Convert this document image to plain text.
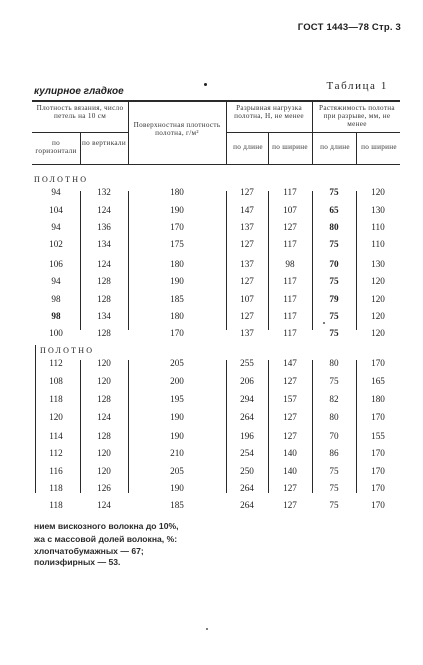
ГОСТ 1443—78 Стр. 3
кулирное гладкое	Таблица 1
Плотность вязания, число петель на 10 см
по горизонтали
по вертикали
Поверхностная плотность полотна, г/м²
Разрывная нагрузка полотна, Н, не менее
по длине	по ширине
Растяжимость полотна при разрыве, мм, не менее
по длине	по ширине
ПОЛОТНО
ПОЛОТНО
94	132	180	127	117	75	120
104	124	190	147	107	65	130
94	136	170	137	127	80	110
102	134	175	127	117	75	110
106	124	180	137	98	70	130
94	128	190	127	117	75	120
98	128	185	107	117	79	120
98	134	180	127	117	75	120
100	128	170	137	117	75	120
112	120	205	255	147	80	170
108	120	200	206	127	75	165
118	128	195	294	157	82	180
120	124	190	264	127	80	170
114	128	190	196	127	70	155
112	120	210	254	140	86	170
116	120	205	250	140	75	170
118	126	190	264	127	75	170
118	124	185	264	127	75	170
нием вискозного волокна до 10%,
жа с массовой долей волокна, %:
хлопчатобумажных — 67;
полиэфирных — 53.
